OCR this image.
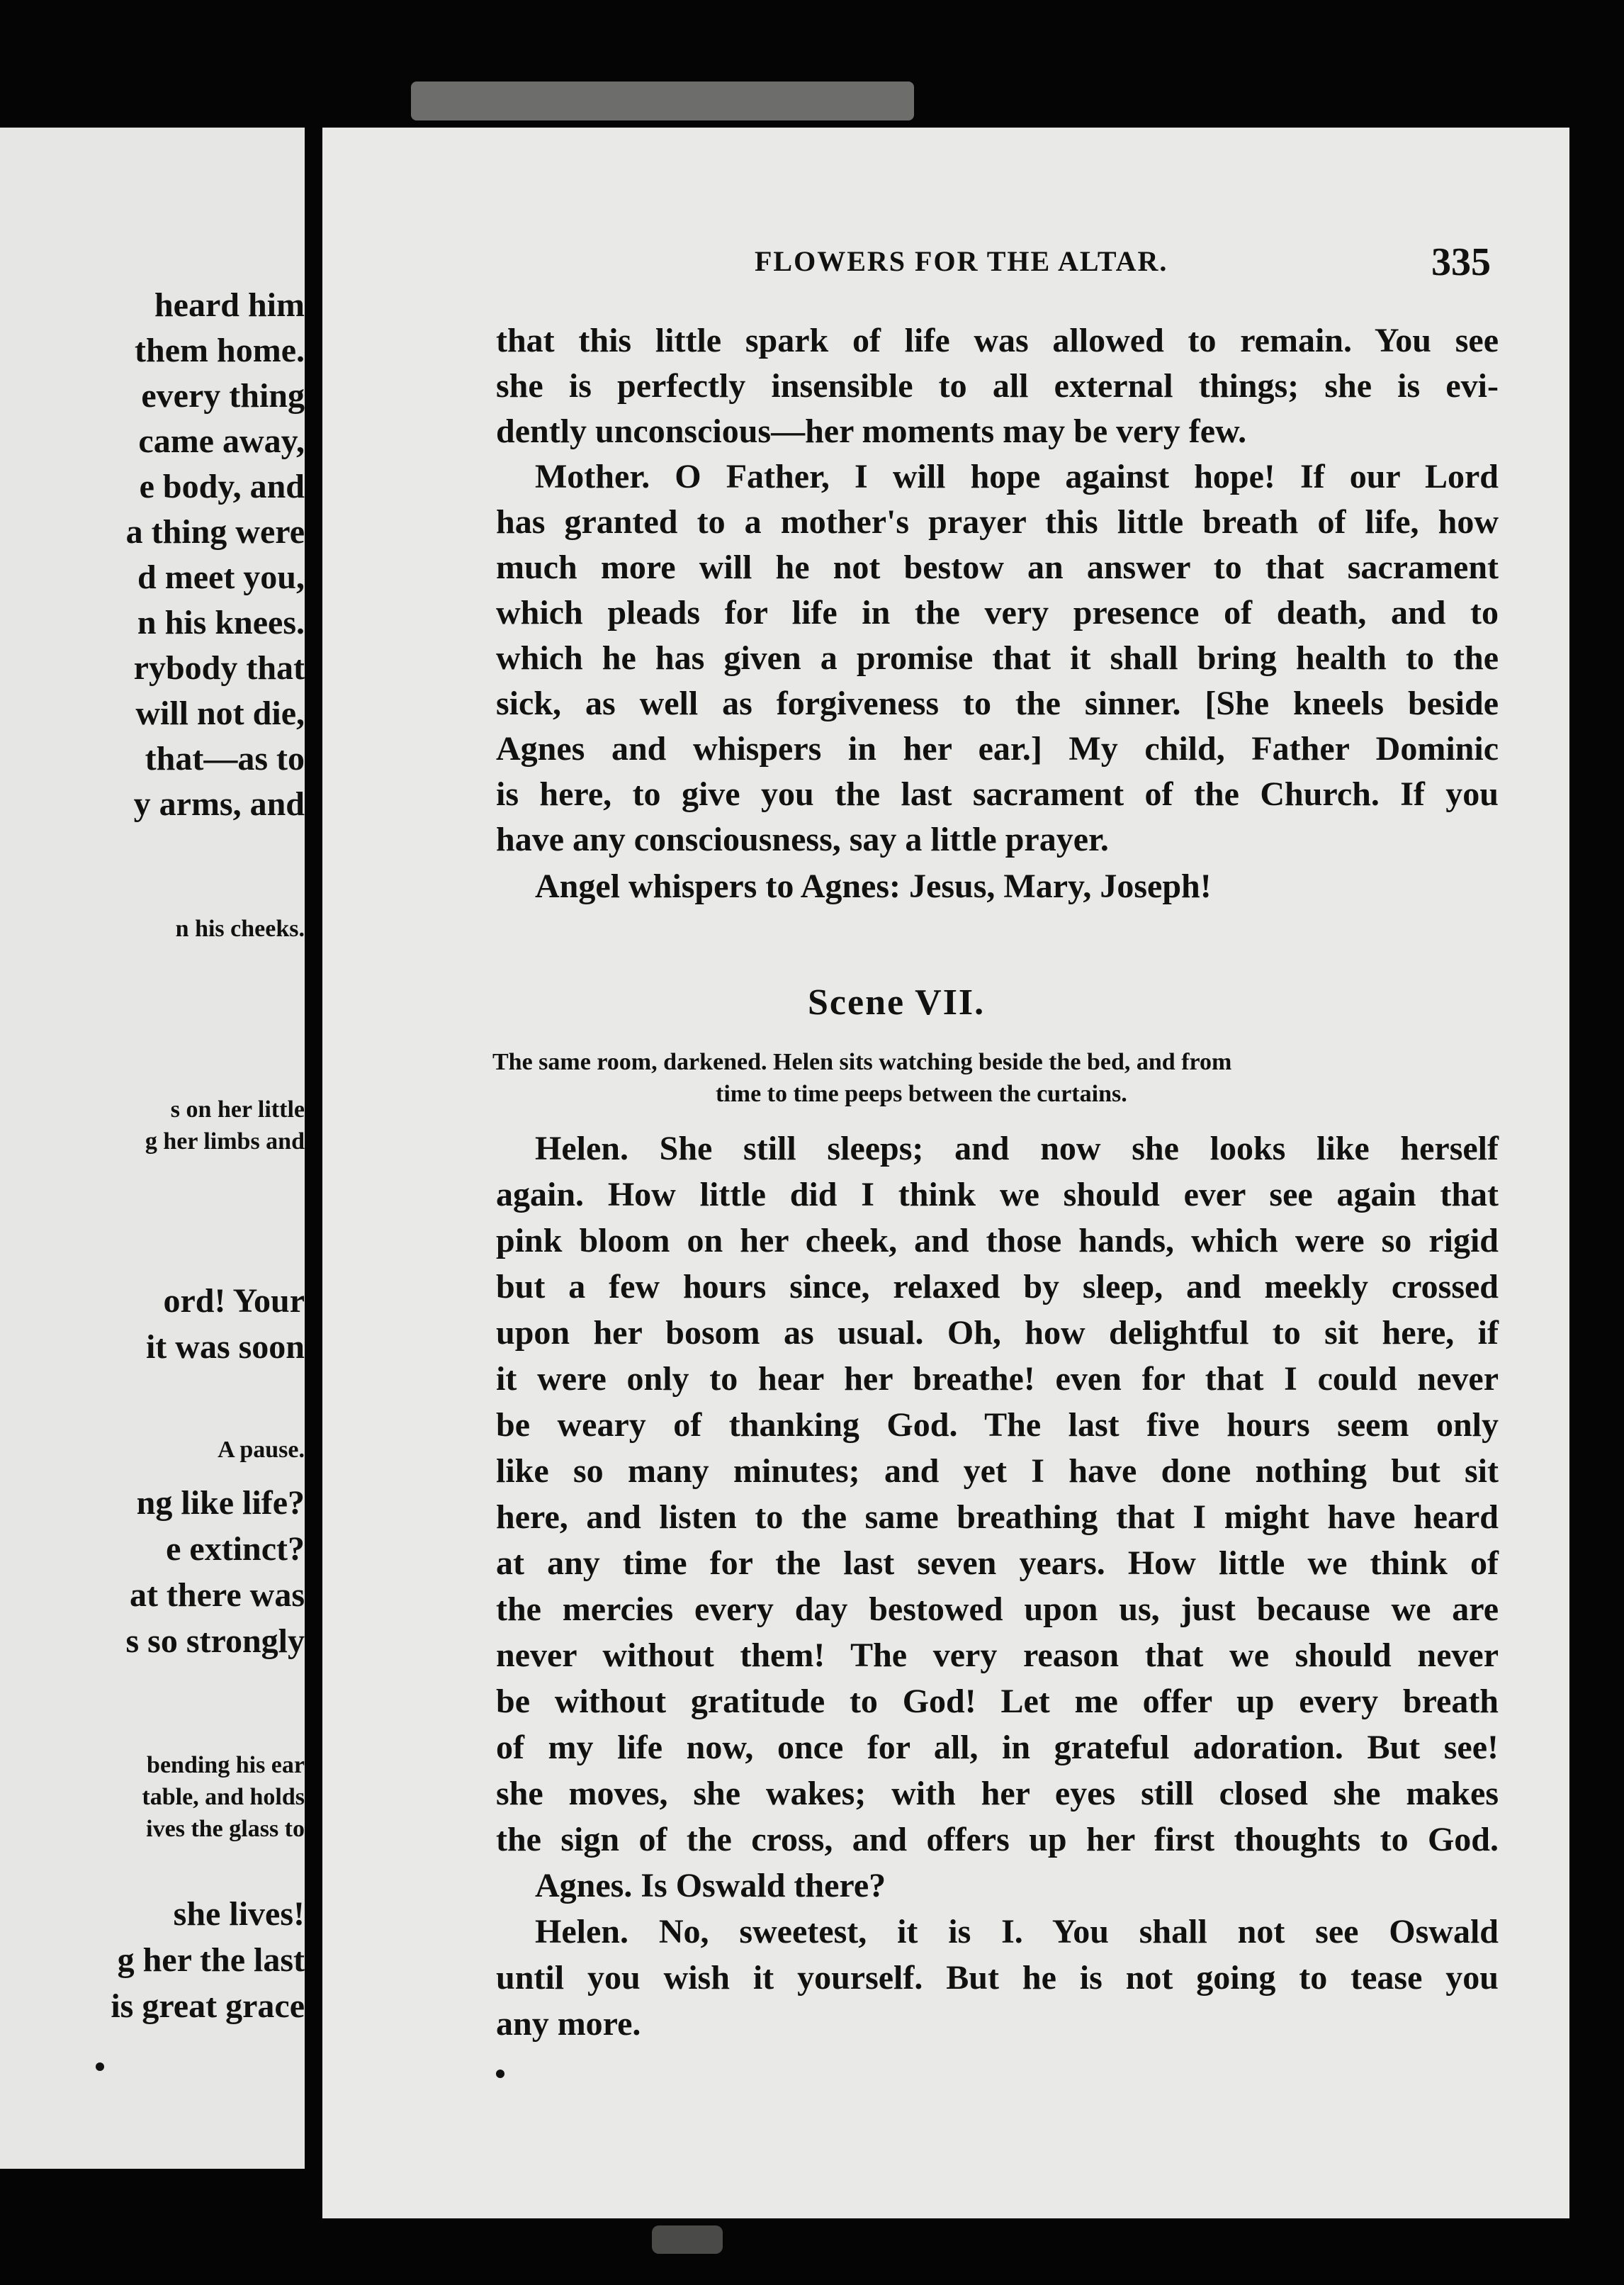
FLOWERS FOR THE ALTAR.	335
that this little spark of life was allowed to remain. You see
she is perfectly insensible to all external things; she is evi-
dently unconscious—her moments may be very few.
Mother. O Father, I will hope against hope! If our Lord
has granted to a mother's prayer this little breath of life, how
much more will he not bestow an answer to that sacrament
which pleads for life in the very presence of death, and to
which he has given a promise that it shall bring health to the
sick, as well as forgiveness to the sinner. [She kneels beside
Agnes and whispers in her ear.] My child, Father Dominic
is here, to give you the last sacrament of the Church. If you
have any consciousness, say a little prayer.
Angel whispers to Agnes: Jesus, Mary, Joseph!
Scene VII.
The same room, darkened. Helen sits watching beside the bed, and from
time to time peeps between the curtains.
Helen. She still sleeps; and now she looks like herself
again. How little did I think we should ever see again that
pink bloom on her cheek, and those hands, which were so rigid
but a few hours since, relaxed by sleep, and meekly crossed
upon her bosom as usual. Oh, how delightful to sit here, if
it were only to hear her breathe! even for that I could never
be weary of thanking God. The last five hours seem only
like so many minutes; and yet I have done nothing but sit
here, and listen to the same breathing that I might have heard
at any time for the last seven years. How little we think of
the mercies every day bestowed upon us, just because we are
never without them! The very reason that we should never
be without gratitude to God! Let me offer up every breath
of my life now, once for all, in grateful adoration. But see!
she moves, she wakes; with her eyes still closed she makes
the sign of the cross, and offers up her first thoughts to God.
Agnes. Is Oswald there?
Helen. No, sweetest, it is I. You shall not see Oswald
until you wish it yourself. But he is not going to tease you
any more.
heard him
them home.
every thing
came away,
e body, and
a thing were
d meet you,
n his knees.
rybody that
will not die,
that—as to
y arms, and
n his cheeks.
s on her little
g her limbs and
ord! Your
it was soon
A pause.
ng like life?
e extinct?
at there was
s so strongly
bending his ear
table, and holds
ives the glass to
she lives!
g her the last
is great grace
